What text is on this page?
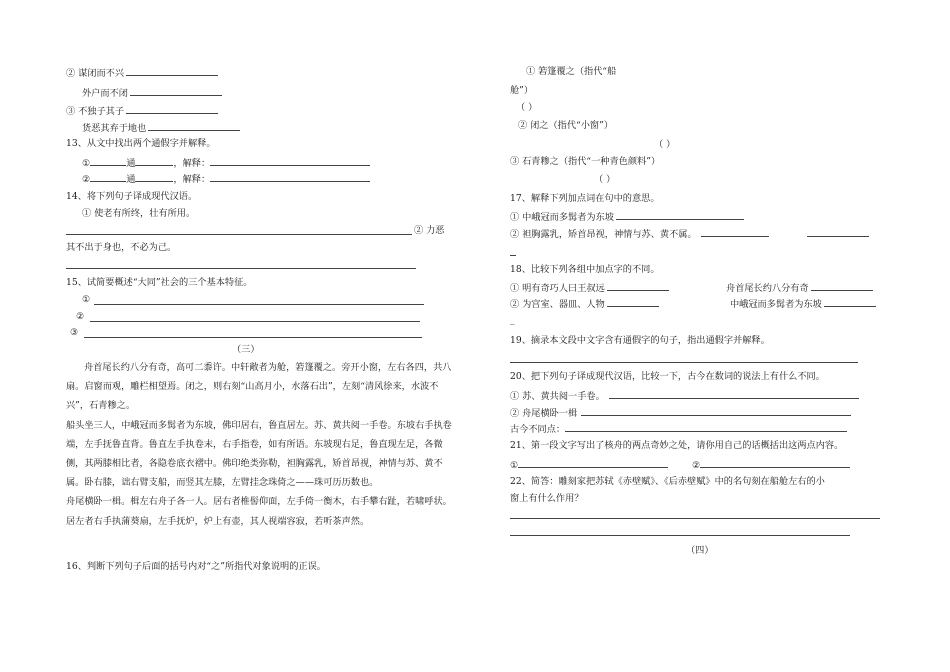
② 谋闭而不兴
外户而不闭
③ 不独子其子
货恶其弃于地也
13、从文中找出两个通假字并解释。
①	通	，解释：
②	通	，解释：
14、将下列句子译成现代汉语。
① 使老有所终，壮有所用。
② 力恶
其不出于身也，不必为己。
15、试简要概述“大同”社会的三个基本特征。
①
②
③
（三）

舟首尾长约八分有奇，高可二黍许。中轩敞者为舱，箬篷覆之。旁开小窗，左右各四，共八扇。启窗而观，雕栏相望焉。闭之，则右刻“山高月小，水落石出”，左刻“清风徐来，水波不兴”，石青糁之。

船头坐三人，中峨冠而多髯者为东坡，佛印居右，鲁直居左。苏、黄共阅一手卷。东坡右手执卷端，左手抚鲁直背。鲁直左手执卷末，右手指卷，如有所语。东坡现右足，鲁直现左足，各微侧，其两膝相比者，各隐卷底衣褶中。佛印绝类弥勒，袒胸露乳，矫首昂视，神情与苏、黄不属。卧右膝，诎右臂支船，而竖其左膝，左臂挂念珠倚之——珠可历历数也。

舟尾横卧一楫。楫左右舟子各一人。居右者椎髻仰面，左手倚一衡木，右手攀右趾，若啸呼状。居左者右手执蒲葵扇，左手抚炉，炉上有壶，其人视端容寂，若听茶声然。

16、判断下列句子后面的括号内对“之”所指代对象说明的正误。
① 箬篷覆之（指代“船
舱”）
（ ）
② 闭之（指代“小窗”）
（ ）
③ 石青糁之（指代“一种青色颜料”）
（ ）
17、解释下列加点词在句中的意思。
① 中峨冠而多髯者为东坡
② 袒胸露乳，矫首昂视，神情与苏、黄不属。
18、比较下列各组中加点字的不同。
① 明有奇巧人曰王叔远	舟首尾长约八分有奇
② 为宫室、器皿、人物	中峨冠而多髯者为东坡
_
19、摘录本文段中文字含有通假字的句子，指出通假字并解释。
20、把下列句子译成现代汉语，比较一下，古今在数词的说法上有什么不同。
① 苏、黄共阅一手卷。
② 舟尾横卧一楫
古今不同点：
21、第一段文字写出了核舟的两点奇妙之处，请你用自己的话概括出这两点内容。
①	②
22、简答：雕刻家把苏轼《赤壁赋》、《后赤壁赋》中的名句刻在船舱左右的小
窗上有什么作用？
（四）
